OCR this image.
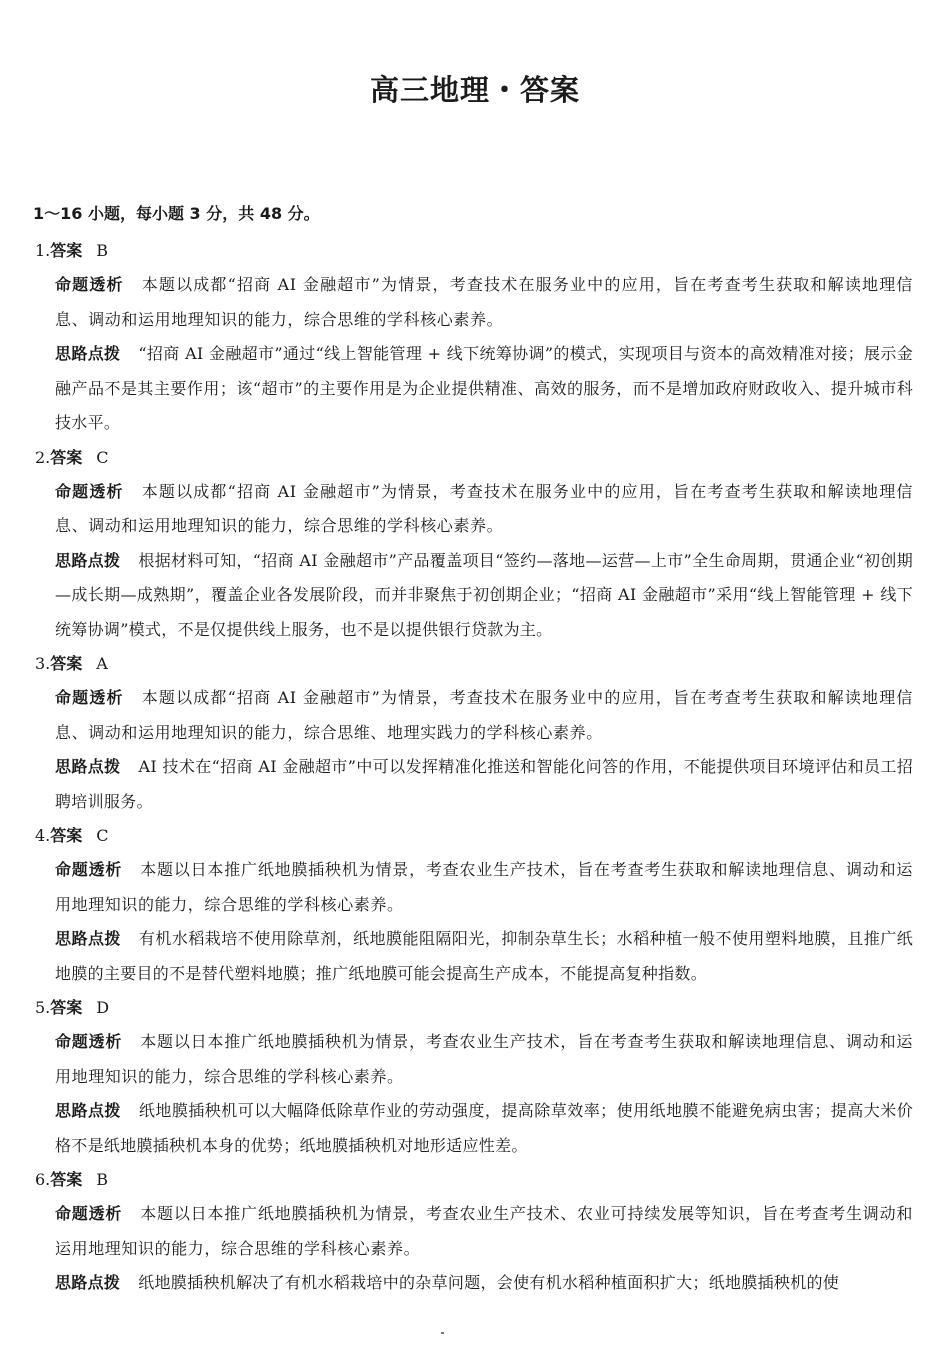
高三地理・答案
1～16 小题，每小题 3 分，共 48 分。
1.答案 B

命题透析 本题以成都“招商 AI 金融超市”为情景，考查技术在服务业中的应用，旨在考查考生获取和解读地理信息、调动和运用地理知识的能力，综合思维的学科核心素养。

思路点拨 “招商 AI 金融超市”通过“线上智能管理 + 线下统筹协调”的模式，实现项目与资本的高效精准对接；展示金融产品不是其主要作用；该“超市”的主要作用是为企业提供精准、高效的服务，而不是增加政府财政收入、提升城市科技水平。

2.答案 C

命题透析 本题以成都“招商 AI 金融超市”为情景，考查技术在服务业中的应用，旨在考查考生获取和解读地理信息、调动和运用地理知识的能力，综合思维的学科核心素养。

思路点拨 根据材料可知，“招商 AI 金融超市”产品覆盖项目“签约—落地—运营—上市”全生命周期，贯通企业“初创期—成长期—成熟期”，覆盖企业各发展阶段，而并非聚焦于初创期企业；“招商 AI 金融超市”采用“线上智能管理 + 线下统筹协调”模式，不是仅提供线上服务，也不是以提供银行贷款为主。

3.答案 A

命题透析 本题以成都“招商 AI 金融超市”为情景，考查技术在服务业中的应用，旨在考查考生获取和解读地理信息、调动和运用地理知识的能力，综合思维、地理实践力的学科核心素养。

思路点拨 AI 技术在“招商 AI 金融超市”中可以发挥精准化推送和智能化问答的作用，不能提供项目环境评估和员工招聘培训服务。

4.答案 C

命题透析 本题以日本推广纸地膜插秧机为情景，考查农业生产技术，旨在考查考生获取和解读地理信息、调动和运用地理知识的能力，综合思维的学科核心素养。

思路点拨 有机水稻栽培不使用除草剂，纸地膜能阻隔阳光，抑制杂草生长；水稻种植一般不使用塑料地膜，且推广纸地膜的主要目的不是替代塑料地膜；推广纸地膜可能会提高生产成本，不能提高复种指数。

5.答案 D

命题透析 本题以日本推广纸地膜插秧机为情景，考查农业生产技术，旨在考查考生获取和解读地理信息、调动和运用地理知识的能力，综合思维的学科核心素养。

思路点拨 纸地膜插秧机可以大幅降低除草作业的劳动强度，提高除草效率；使用纸地膜不能避免病虫害；提高大米价格不是纸地膜插秧机本身的优势；纸地膜插秧机对地形适应性差。

6.答案 B

命题透析 本题以日本推广纸地膜插秧机为情景，考查农业生产技术、农业可持续发展等知识，旨在考查考生调动和运用地理知识的能力，综合思维的学科核心素养。

思路点拨 纸地膜插秧机解决了有机水稻栽培中的杂草问题，会使有机水稻种植面积扩大；纸地膜插秧机的使
